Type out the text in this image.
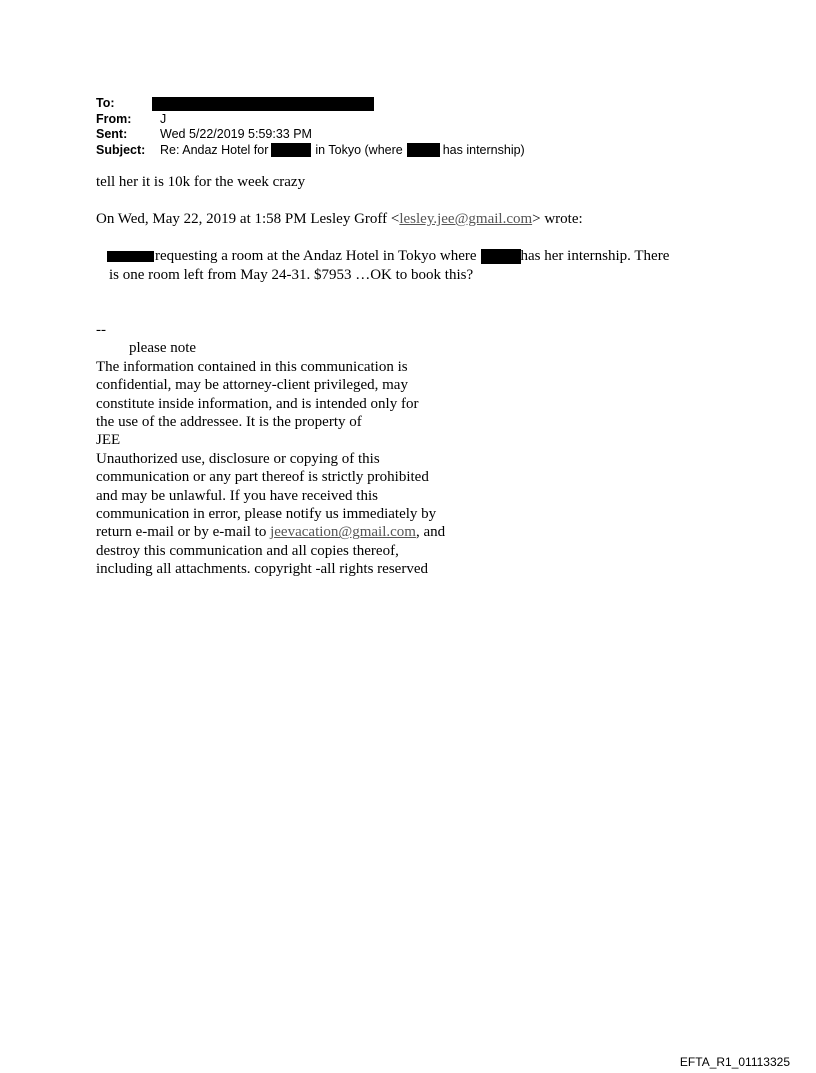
To:
From:	J
Sent:	Wed 5/22/2019 5:59:33 PM
Subject:	Re: Andaz Hotel for	in Tokyo (where	has internship)
tell her it is 10k for the week crazy
On Wed, May 22, 2019 at 1:58 PM Lesley Groff <lesley.jee@gmail.com> wrote:
requesting a room at the Andaz Hotel in Tokyo where	has her internship. There
is one room left from May 24-31. $7953 …OK to book this?
--
please note
The information contained in this communication is
confidential, may be attorney-client privileged, may
constitute inside information, and is intended only for
the use of the addressee. It is the property of
JEE
Unauthorized use, disclosure or copying of this
communication or any part thereof is strictly prohibited
and may be unlawful. If you have received this
communication in error, please notify us immediately by
return e-mail or by e-mail to jeevacation@gmail.com, and
destroy this communication and all copies thereof,
including all attachments. copyright -all rights reserved
EFTA_R1_01113325
